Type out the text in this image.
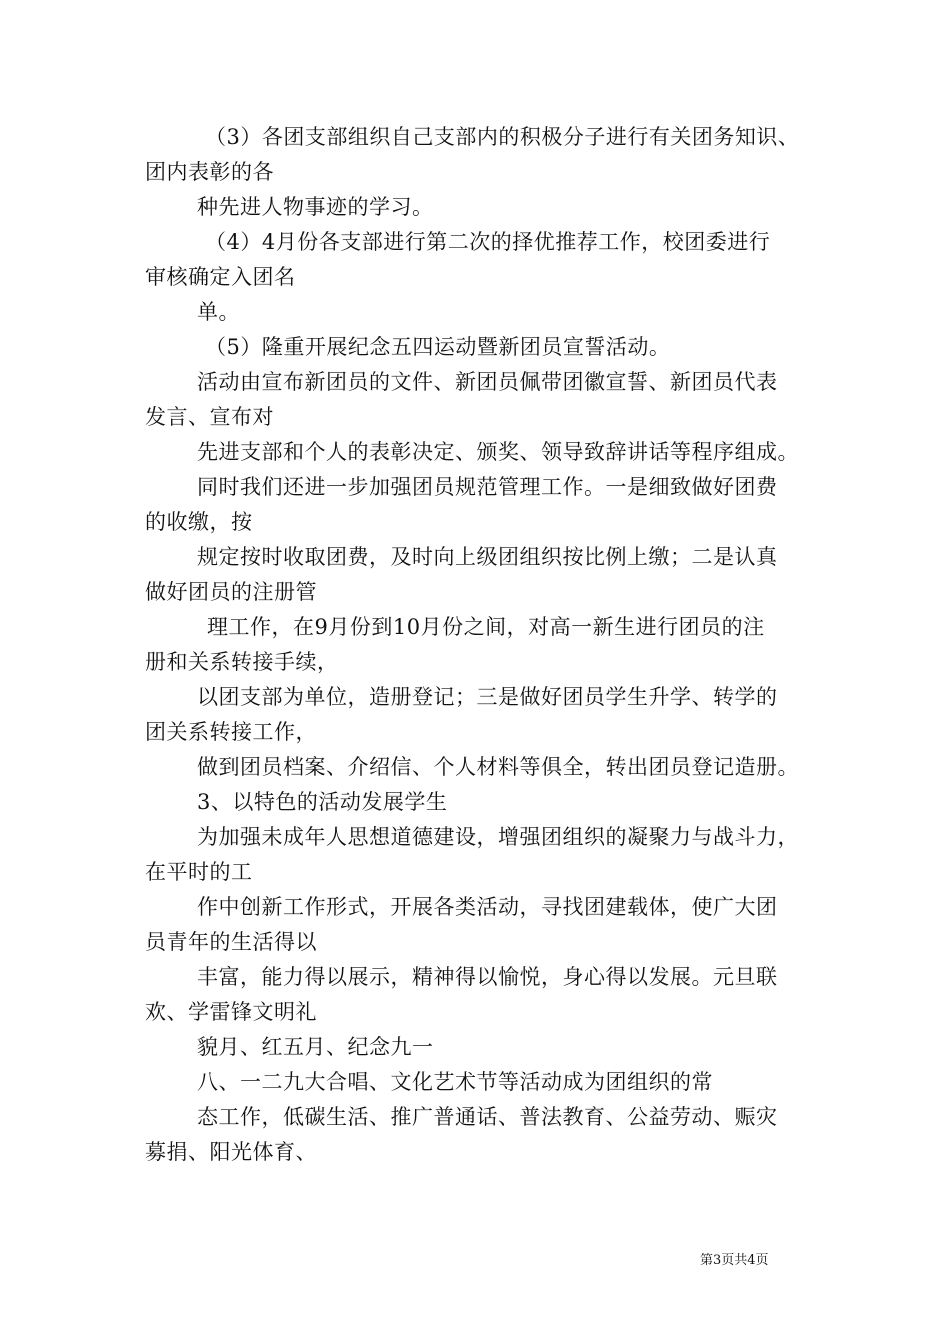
（3）各团支部组织自己支部内的积极分子进行有关团务知识、
团内表彰的各
种先进人物事迹的学习。
（4）4月份各支部进行第二次的择优推荐工作，校团委进行
审核确定入团名
单。
（5）隆重开展纪念五四运动暨新团员宣誓活动。
活动由宣布新团员的文件、新团员佩带团徽宣誓、新团员代表
发言、宣布对
先进支部和个人的表彰决定、颁奖、领导致辞讲话等程序组成。
同时我们还进一步加强团员规范管理工作。一是细致做好团费
的收缴，按
规定按时收取团费，及时向上级团组织按比例上缴；二是认真
做好团员的注册管
理工作，在9月份到10月份之间，对高一新生进行团员的注
册和关系转接手续，
以团支部为单位，造册登记；三是做好团员学生升学、转学的
团关系转接工作，
做到团员档案、介绍信、个人材料等俱全，转出团员登记造册。
3、以特色的活动发展学生
为加强未成年人思想道德建设，增强团组织的凝聚力与战斗力，
在平时的工
作中创新工作形式，开展各类活动，寻找团建载体，使广大团
员青年的生活得以
丰富，能力得以展示，精神得以愉悦，身心得以发展。元旦联
欢、学雷锋文明礼
貌月、红五月、纪念九一
八、一二九大合唱、文化艺术节等活动成为团组织的常
态工作，低碳生活、推广普通话、普法教育、公益劳动、赈灾
募捐、阳光体育、
第3页共4页
